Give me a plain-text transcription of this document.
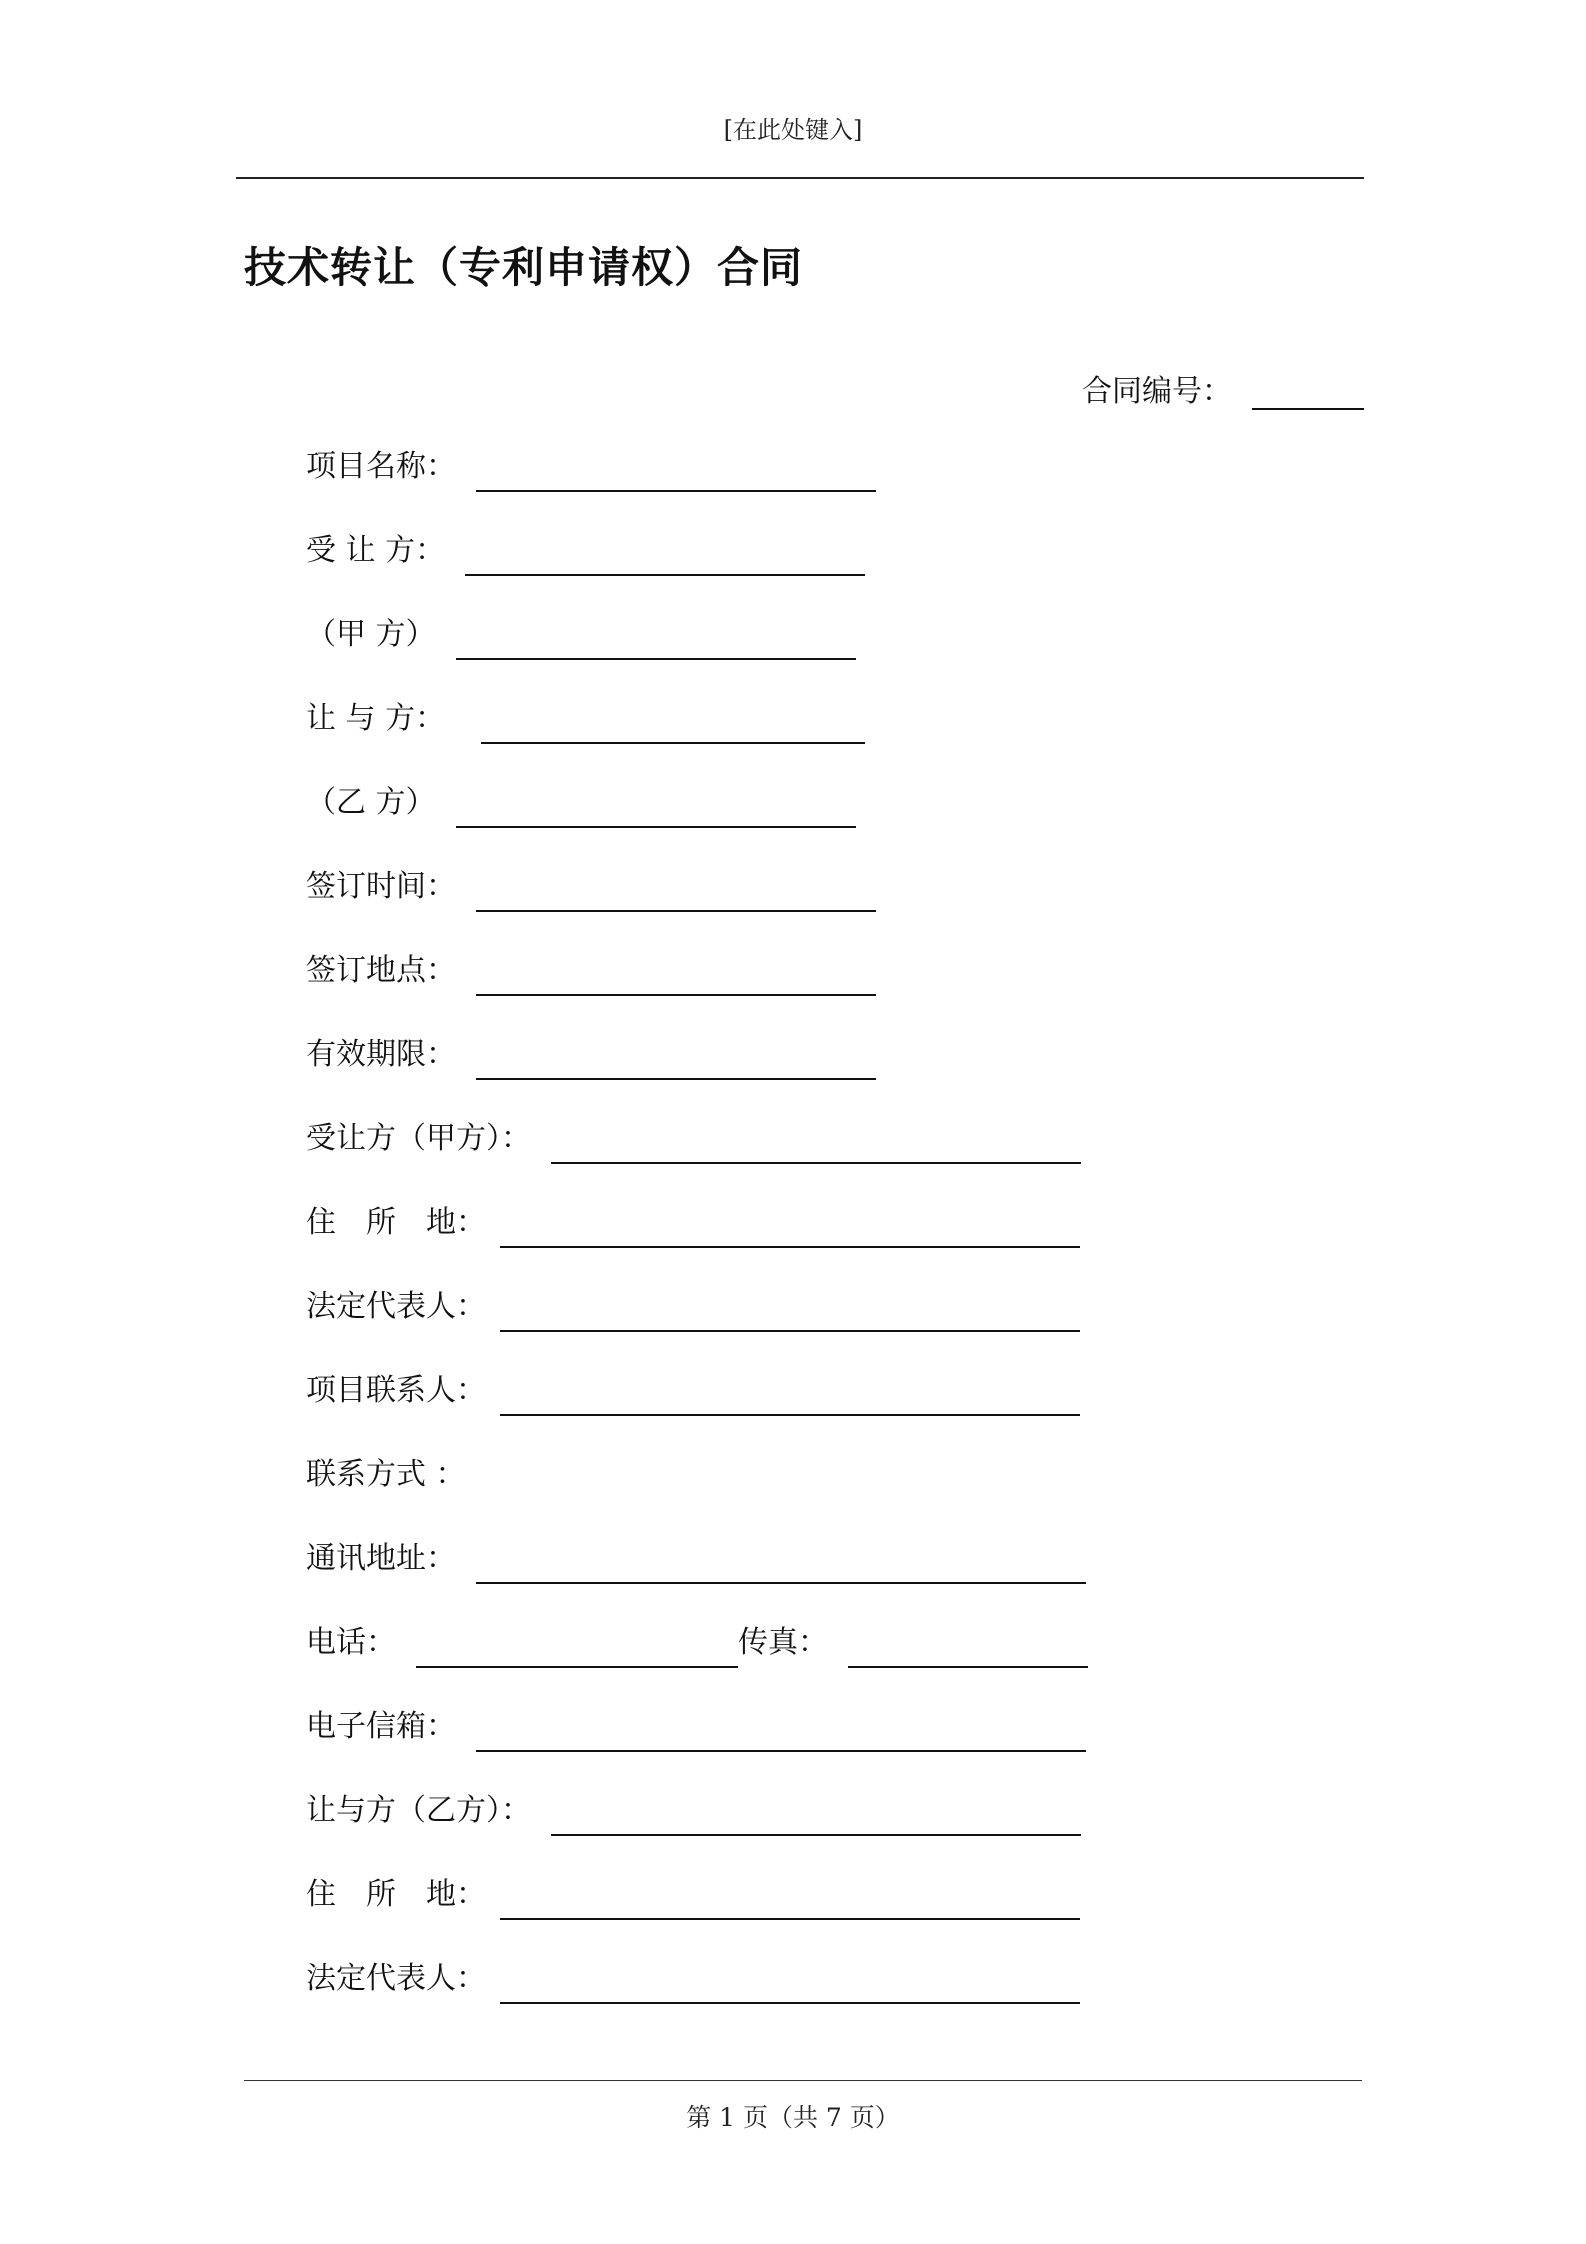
[在此处键入]
技术转让（专利申请权）合同
合同编号：
项目名称：
受 让 方：
（甲 方）
让 与 方：
（乙 方）
签订时间：
签订地点：
有效期限：
受让方（甲方）：
住　所　地：
法定代表人：
项目联系人：
联系方式 ：
通讯地址：
电话：	传真：
电子信箱：
让与方（乙方）：
住　所　地：
法定代表人：
第 1 页（共 7 页）
